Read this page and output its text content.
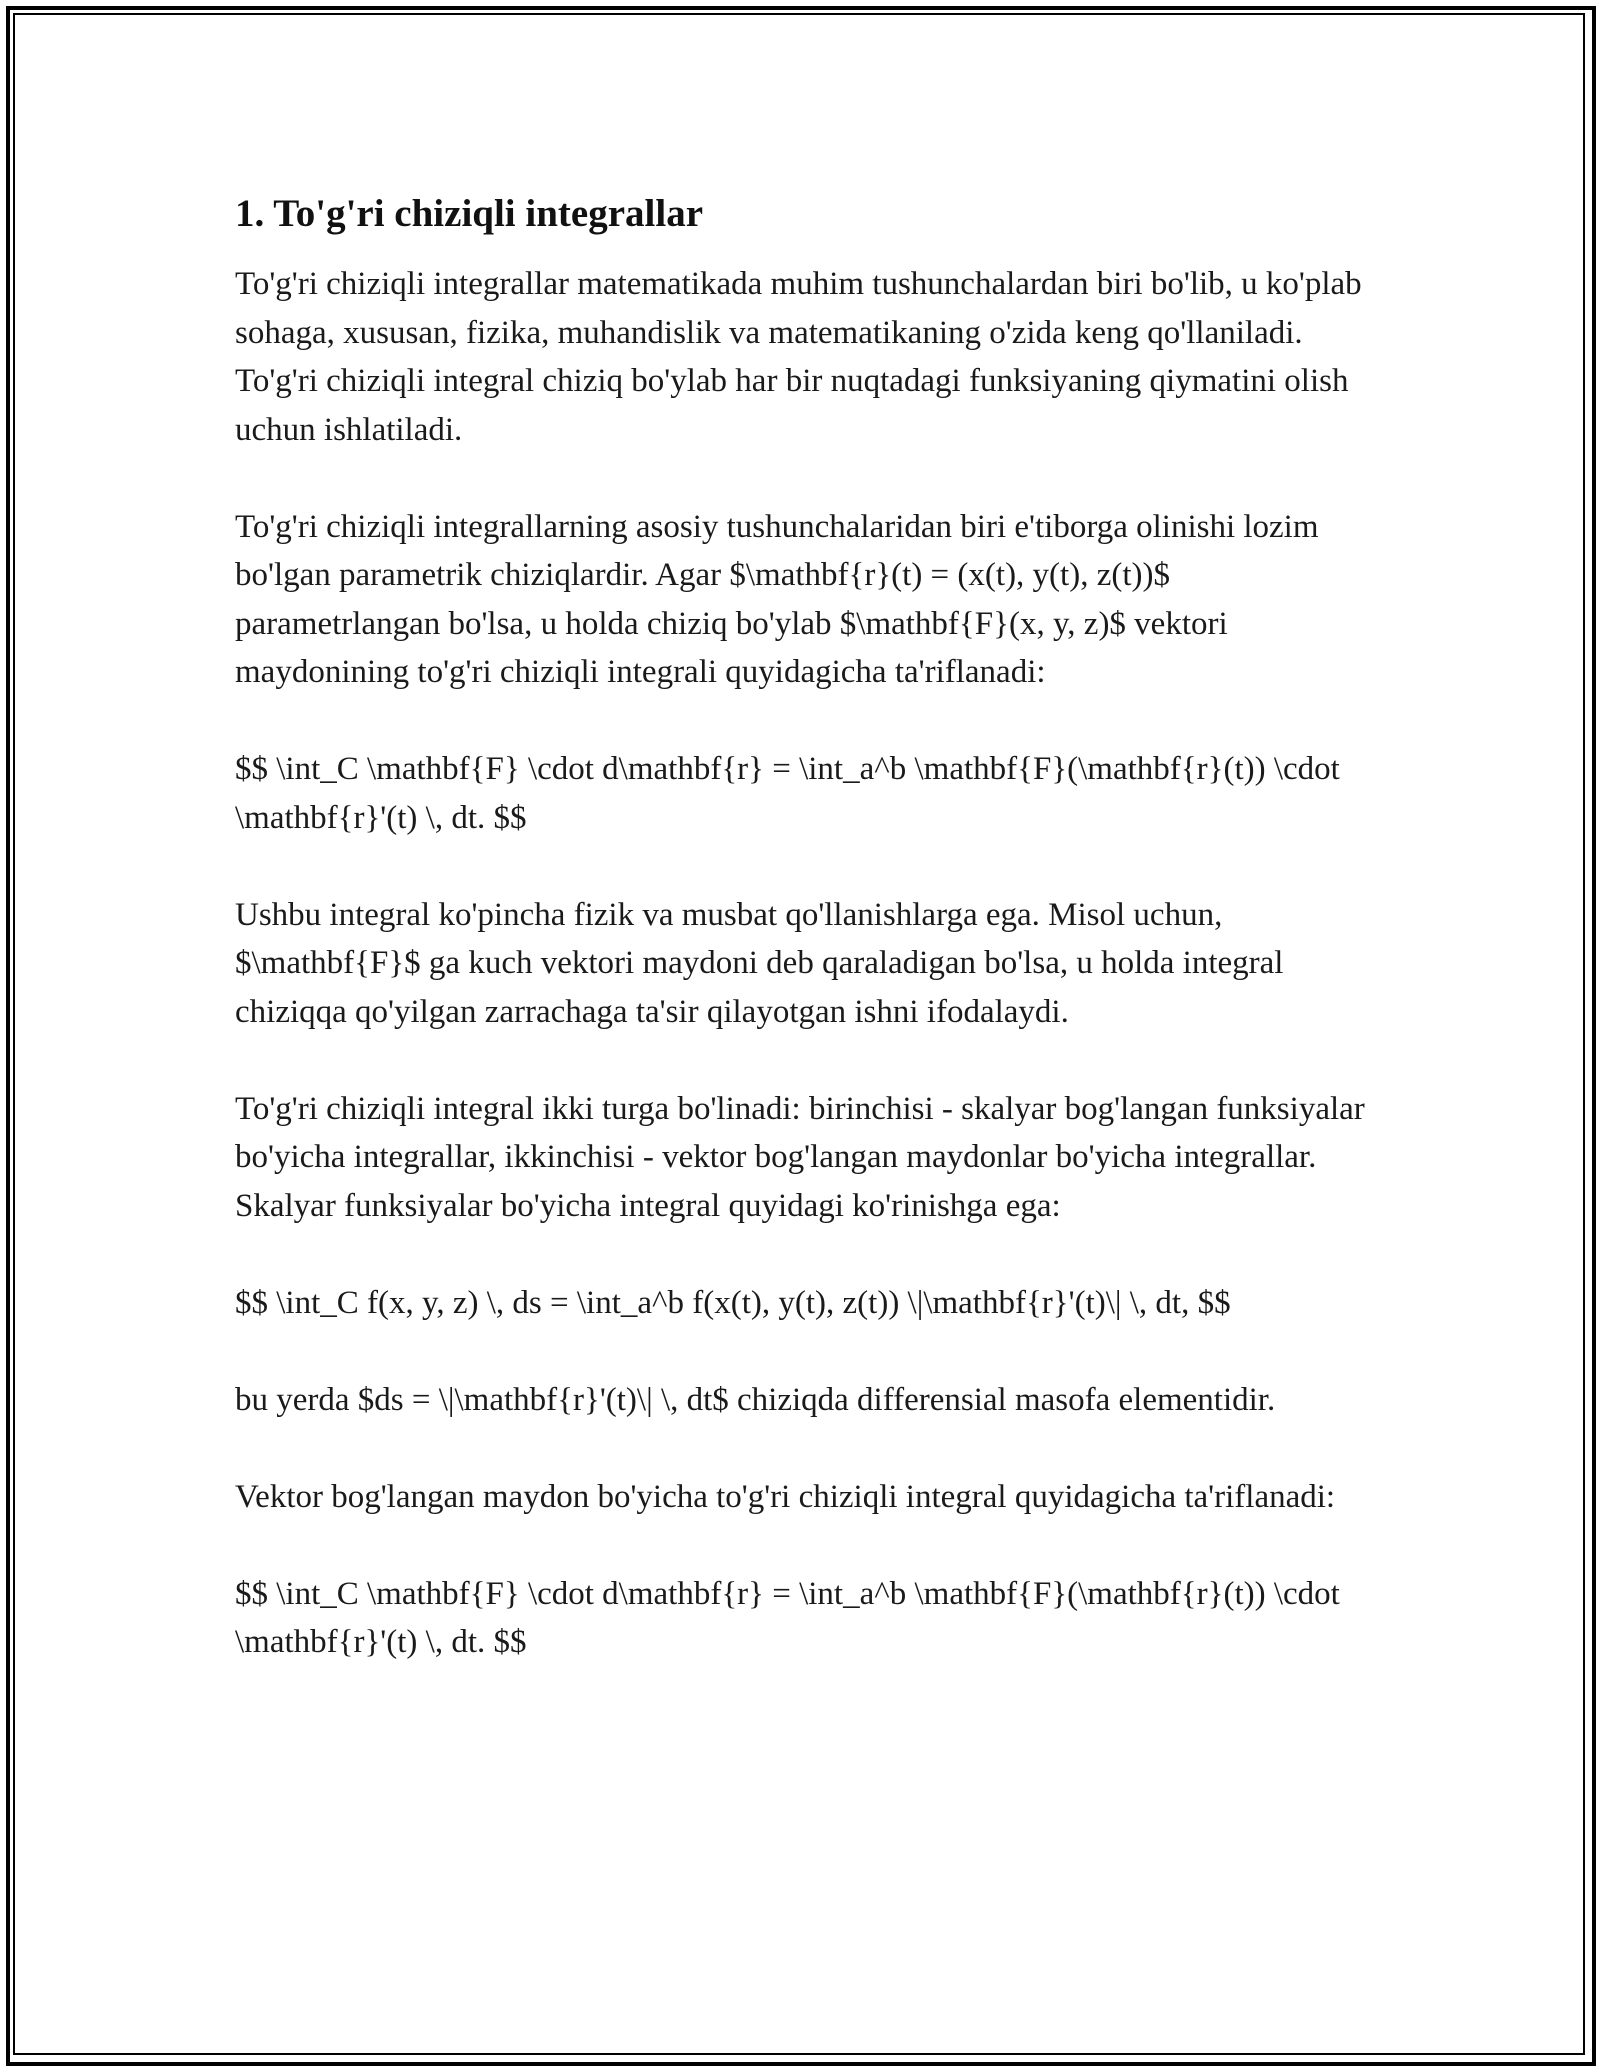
1. To'g'ri chiziqli integrallar

To'g'ri chiziqli integrallar matematikada muhim tushunchalardan biri bo'lib, u ko'plab sohaga, xususan, fizika, muhandislik va matematikaning o'zida keng qo'llaniladi. To'g'ri chiziqli integral chiziq bo'ylab har bir nuqtadagi funksiyaning qiymatini olish uchun ishlatiladi.

To'g'ri chiziqli integrallarning asosiy tushunchalaridan biri e'tiborga olinishi lozim bo'lgan parametrik chiziqlardir. Agar $\mathbf{r}(t) = (x(t), y(t), z(t))$ parametrlangan bo'lsa, u holda chiziq bo'ylab $\mathbf{F}(x, y, z)$ vektori maydonining to'g'ri chiziqli integrali quyidagicha ta'riflanadi:

$$ \int_C \mathbf{F} \cdot d\mathbf{r} = \int_a^b \mathbf{F}(\mathbf{r}(t)) \cdot \mathbf{r}'(t) \, dt. $$

Ushbu integral ko'pincha fizik va musbat qo'llanishlarga ega. Misol uchun, $\mathbf{F}$ ga kuch vektori maydoni deb qaraladigan bo'lsa, u holda integral chiziqqa qo'yilgan zarrachaga ta'sir qilayotgan ishni ifodalaydi.

To'g'ri chiziqli integral ikki turga bo'linadi: birinchisi - skalyar bog'langan funksiyalar bo'yicha integrallar, ikkinchisi - vektor bog'langan maydonlar bo'yicha integrallar. Skalyar funksiyalar bo'yicha integral quyidagi ko'rinishga ega:

$$ \int_C f(x, y, z) \, ds = \int_a^b f(x(t), y(t), z(t)) \|\mathbf{r}'(t)\| \, dt, $$

bu yerda $ds = \|\mathbf{r}'(t)\| \, dt$ chiziqda differensial masofa elementidir.

Vektor bog'langan maydon bo'yicha to'g'ri chiziqli integral quyidagicha ta'riflanadi:

$$ \int_C \mathbf{F} \cdot d\mathbf{r} = \int_a^b \mathbf{F}(\mathbf{r}(t)) \cdot \mathbf{r}'(t) \, dt. $$
